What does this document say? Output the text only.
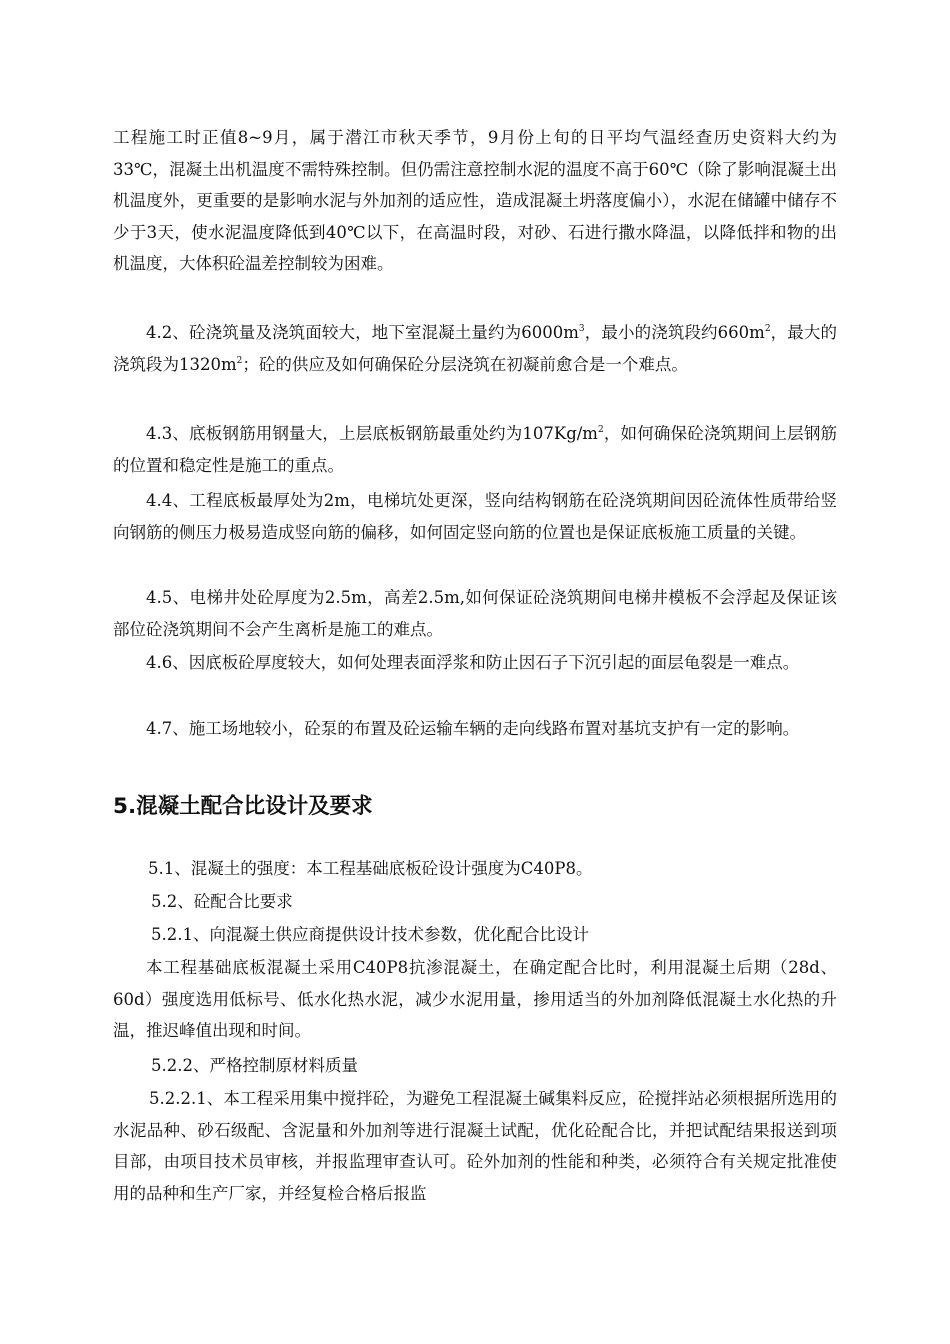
工程施工时正值8~9月，属于潜江市秋天季节，9月份上旬的日平均气温经查历史资料大约为33℃，混凝土出机温度不需特殊控制。但仍需注意控制水泥的温度不高于60℃（除了影响混凝土出机温度外，更重要的是影响水泥与外加剂的适应性，造成混凝土坍落度偏小），水泥在储罐中储存不少于3天，使水泥温度降低到40℃以下，在高温时段，对砂、石进行撒水降温，以降低拌和物的出机温度，大体积砼温差控制较为困难。

4.2、砼浇筑量及浇筑面较大，地下室混凝土量约为$6000m^3$，最小的浇筑段约$660m^2$，最大的浇筑段为$1320m^2$；砼的供应及如何确保砼分层浇筑在初凝前愈合是一个难点。

4.3、底板钢筋用钢量大，上层底板钢筋最重处约为$107Kg/m^2$，如何确保砼浇筑期间上层钢筋的位置和稳定性是施工的重点。

4.4、工程底板最厚处为2m，电梯坑处更深，竖向结构钢筋在砼浇筑期间因砼流体性质带给竖向钢筋的侧压力极易造成竖向筋的偏移，如何固定竖向筋的位置也是保证底板施工质量的关键。

4.5、电梯井处砼厚度为2.5m，高差2.5m,如何保证砼浇筑期间电梯井模板不会浮起及保证该部位砼浇筑期间不会产生离析是施工的难点。

4.6、因底板砼厚度较大，如何处理表面浮浆和防止因石子下沉引起的面层龟裂是一难点。

4.7、施工场地较小，砼泵的布置及砼运输车辆的走向线路布置对基坑支护有一定的影响。

5.混凝土配合比设计及要求

5.1、混凝土的强度：本工程基础底板砼设计强度为C40P8。

5.2、砼配合比要求

5.2.1、向混凝土供应商提供设计技术参数，优化配合比设计

本工程基础底板混凝土采用C40P8抗渗混凝土，在确定配合比时，利用混凝土后期（28d、60d）强度选用低标号、低水化热水泥，减少水泥用量，掺用适当的外加剂降低混凝土水化热的升温，推迟峰值出现和时间。

5.2.2、严格控制原材料质量

5.2.2.1、本工程采用集中搅拌砼，为避免工程混凝土碱集料反应，砼搅拌站必须根据所选用的水泥品种、砂石级配、含泥量和外加剂等进行混凝土试配，优化砼配合比，并把试配结果报送到项目部，由项目技术员审核，并报监理审查认可。砼外加剂的性能和种类，必须符合有关规定批准使用的品种和生产厂家，并经复检合格后报监
